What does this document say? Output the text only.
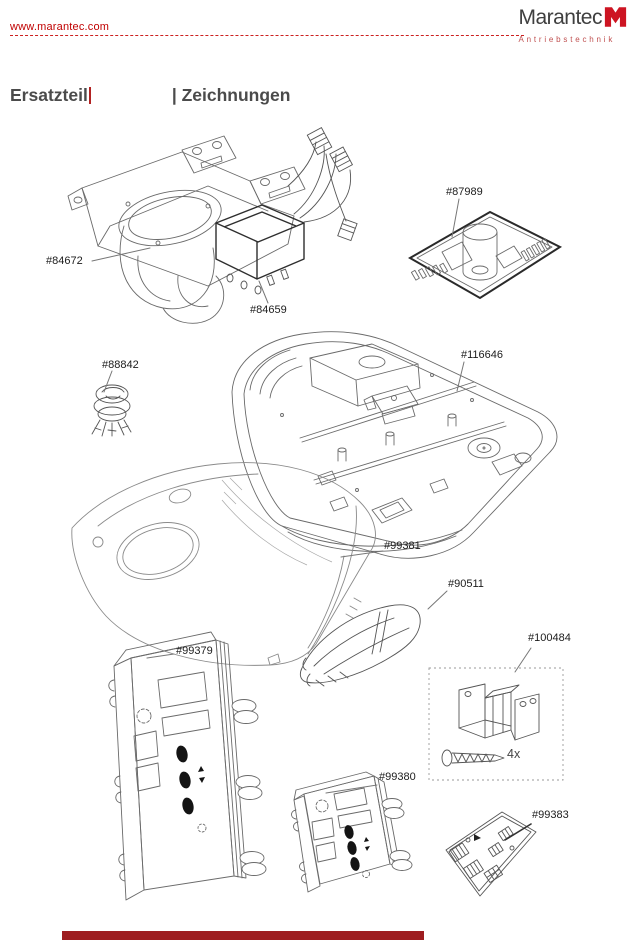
www.marantec.com	Marantec
Antriebstechnik
Ersatzteil	| Zeichnungen
#84672
#84659
#87989
#88842
#116646
#99381
#90511
#99379
#100484
#99380
#99383
4x
